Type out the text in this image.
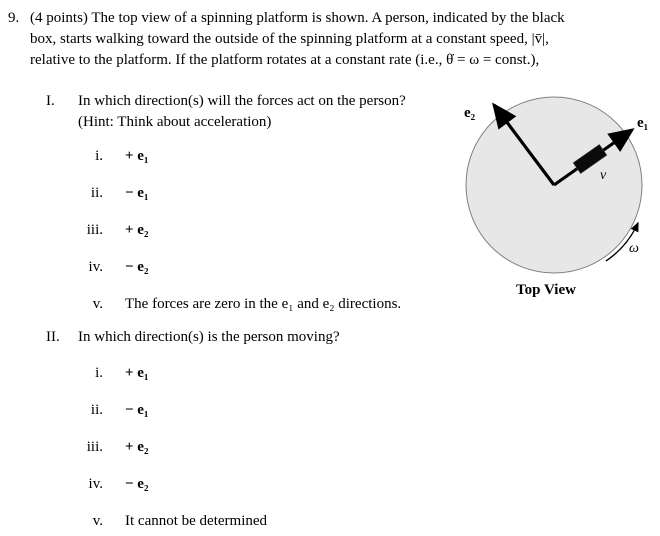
9. (4 points) The top view of a spinning platform is shown. A person, indicated by the black
box, starts walking toward the outside of the spinning platform at a constant speed, |v̄|,
relative to the platform. If the platform rotates at a constant rate (i.e., θ̇ = ω = const.),
I.	In which direction(s) will the forces act on the person?
(Hint: Think about acceleration)
i. + e₁
ii. − e₁
iii. + e₂
iv. − e₂
v. The forces are zero in the e₁ and e₂ directions.
II.	In which direction(s) is the person moving?
i. + e₁
ii. − e₁
iii. + e₂
iv. − e₂
v. It cannot be determined
e₂
e₁
v
ω
Top View
